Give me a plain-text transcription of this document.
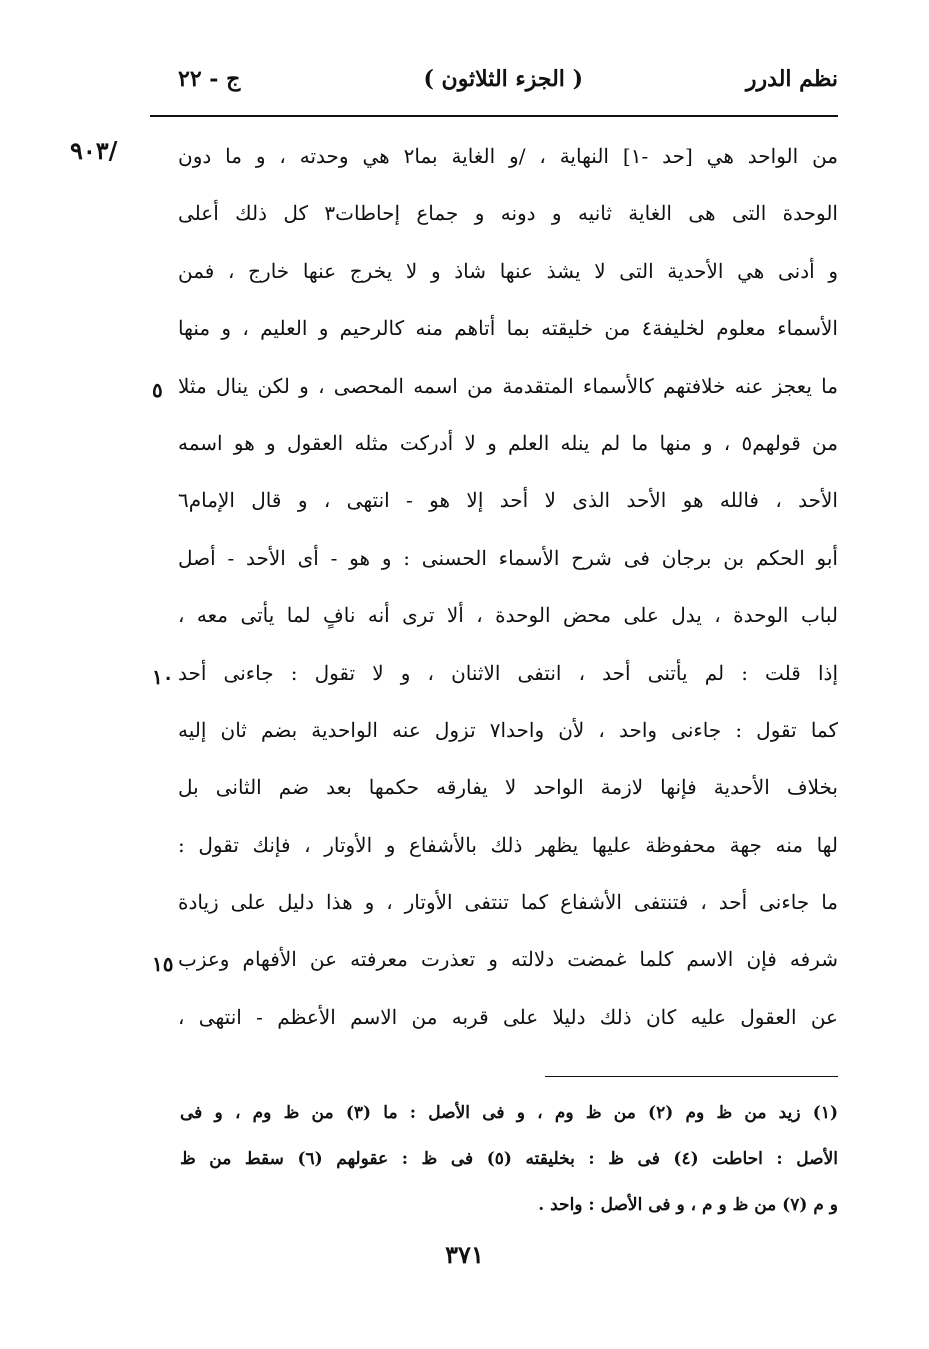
نظم الدرر
( الجزء الثلاثون )
ج - ٢٢
/٩٠٣
٥
١٠
١٥
من الواحد هي [حد -١] النهاية ، /و الغاية بما٢ هي وحدته ، و ما دون
الوحدة التى هى الغاية ثانيه و دونه و جماع إحاطات٣ كل ذلك أعلى
و أدنى هي الأحدية التى لا يشذ عنها شاذ و لا يخرج عنها خارج ، فمن
الأسماء معلوم لخليفة٤ من خليقته بما أتاهم منه كالرحيم و العليم ، و منها
ما يعجز عنه خلافتهم كالأسماء المتقدمة من اسمه المحصى ، و لكن ينال مثلا
من قولهم٥ ، و منها ما لم ينله العلم و لا أدركت مثله العقول و هو اسمه
الأحد ، فالله هو الأحد الذى لا أحد إلا هو - انتهى ، و قال الإمام٦
أبو الحكم بن برجان فى شرح الأسماء الحسنى : و هو - أى الأحد - أصل
لباب الوحدة ، يدل على محض الوحدة ، ألا ترى أنه نافٍ لما يأتى معه ،
إذا قلت : لم يأتنى أحد ، انتفى الاثنان ، و لا تقول : جاءنى أحد
كما تقول : جاءنى واحد ، لأن واحدا٧ تزول عنه الواحدية بضم ثان إليه
بخلاف الأحدية فإنها لازمة الواحد لا يفارقه حكمها بعد ضم الثانى بل
لها منه جهة محفوظة عليها يظهر ذلك بالأشفاع و الأوتار ، فإنك تقول :
ما جاءنى أحد ، فتنتفى الأشفاع كما تنتفى الأوتار ، و هذا دليل على زيادة
شرفه فإن الاسم كلما غمضت دلالته و تعذرت معرفته عن الأفهام وعزب
عن العقول عليه كان ذلك دليلا على قربه من الاسم الأعظم - انتهى ،
(١) زيد من ظ وم (٢) من ظ وم ، و فى الأصل : ما (٣) من ظ وم ، و فى
الأصل : احاطت (٤) فى ظ : بخليقته (٥) فى ظ : عقولهم (٦) سقط من ظ
و م (٧) من ظ و م ، و فى الأصل : واحد .
٣٧١
